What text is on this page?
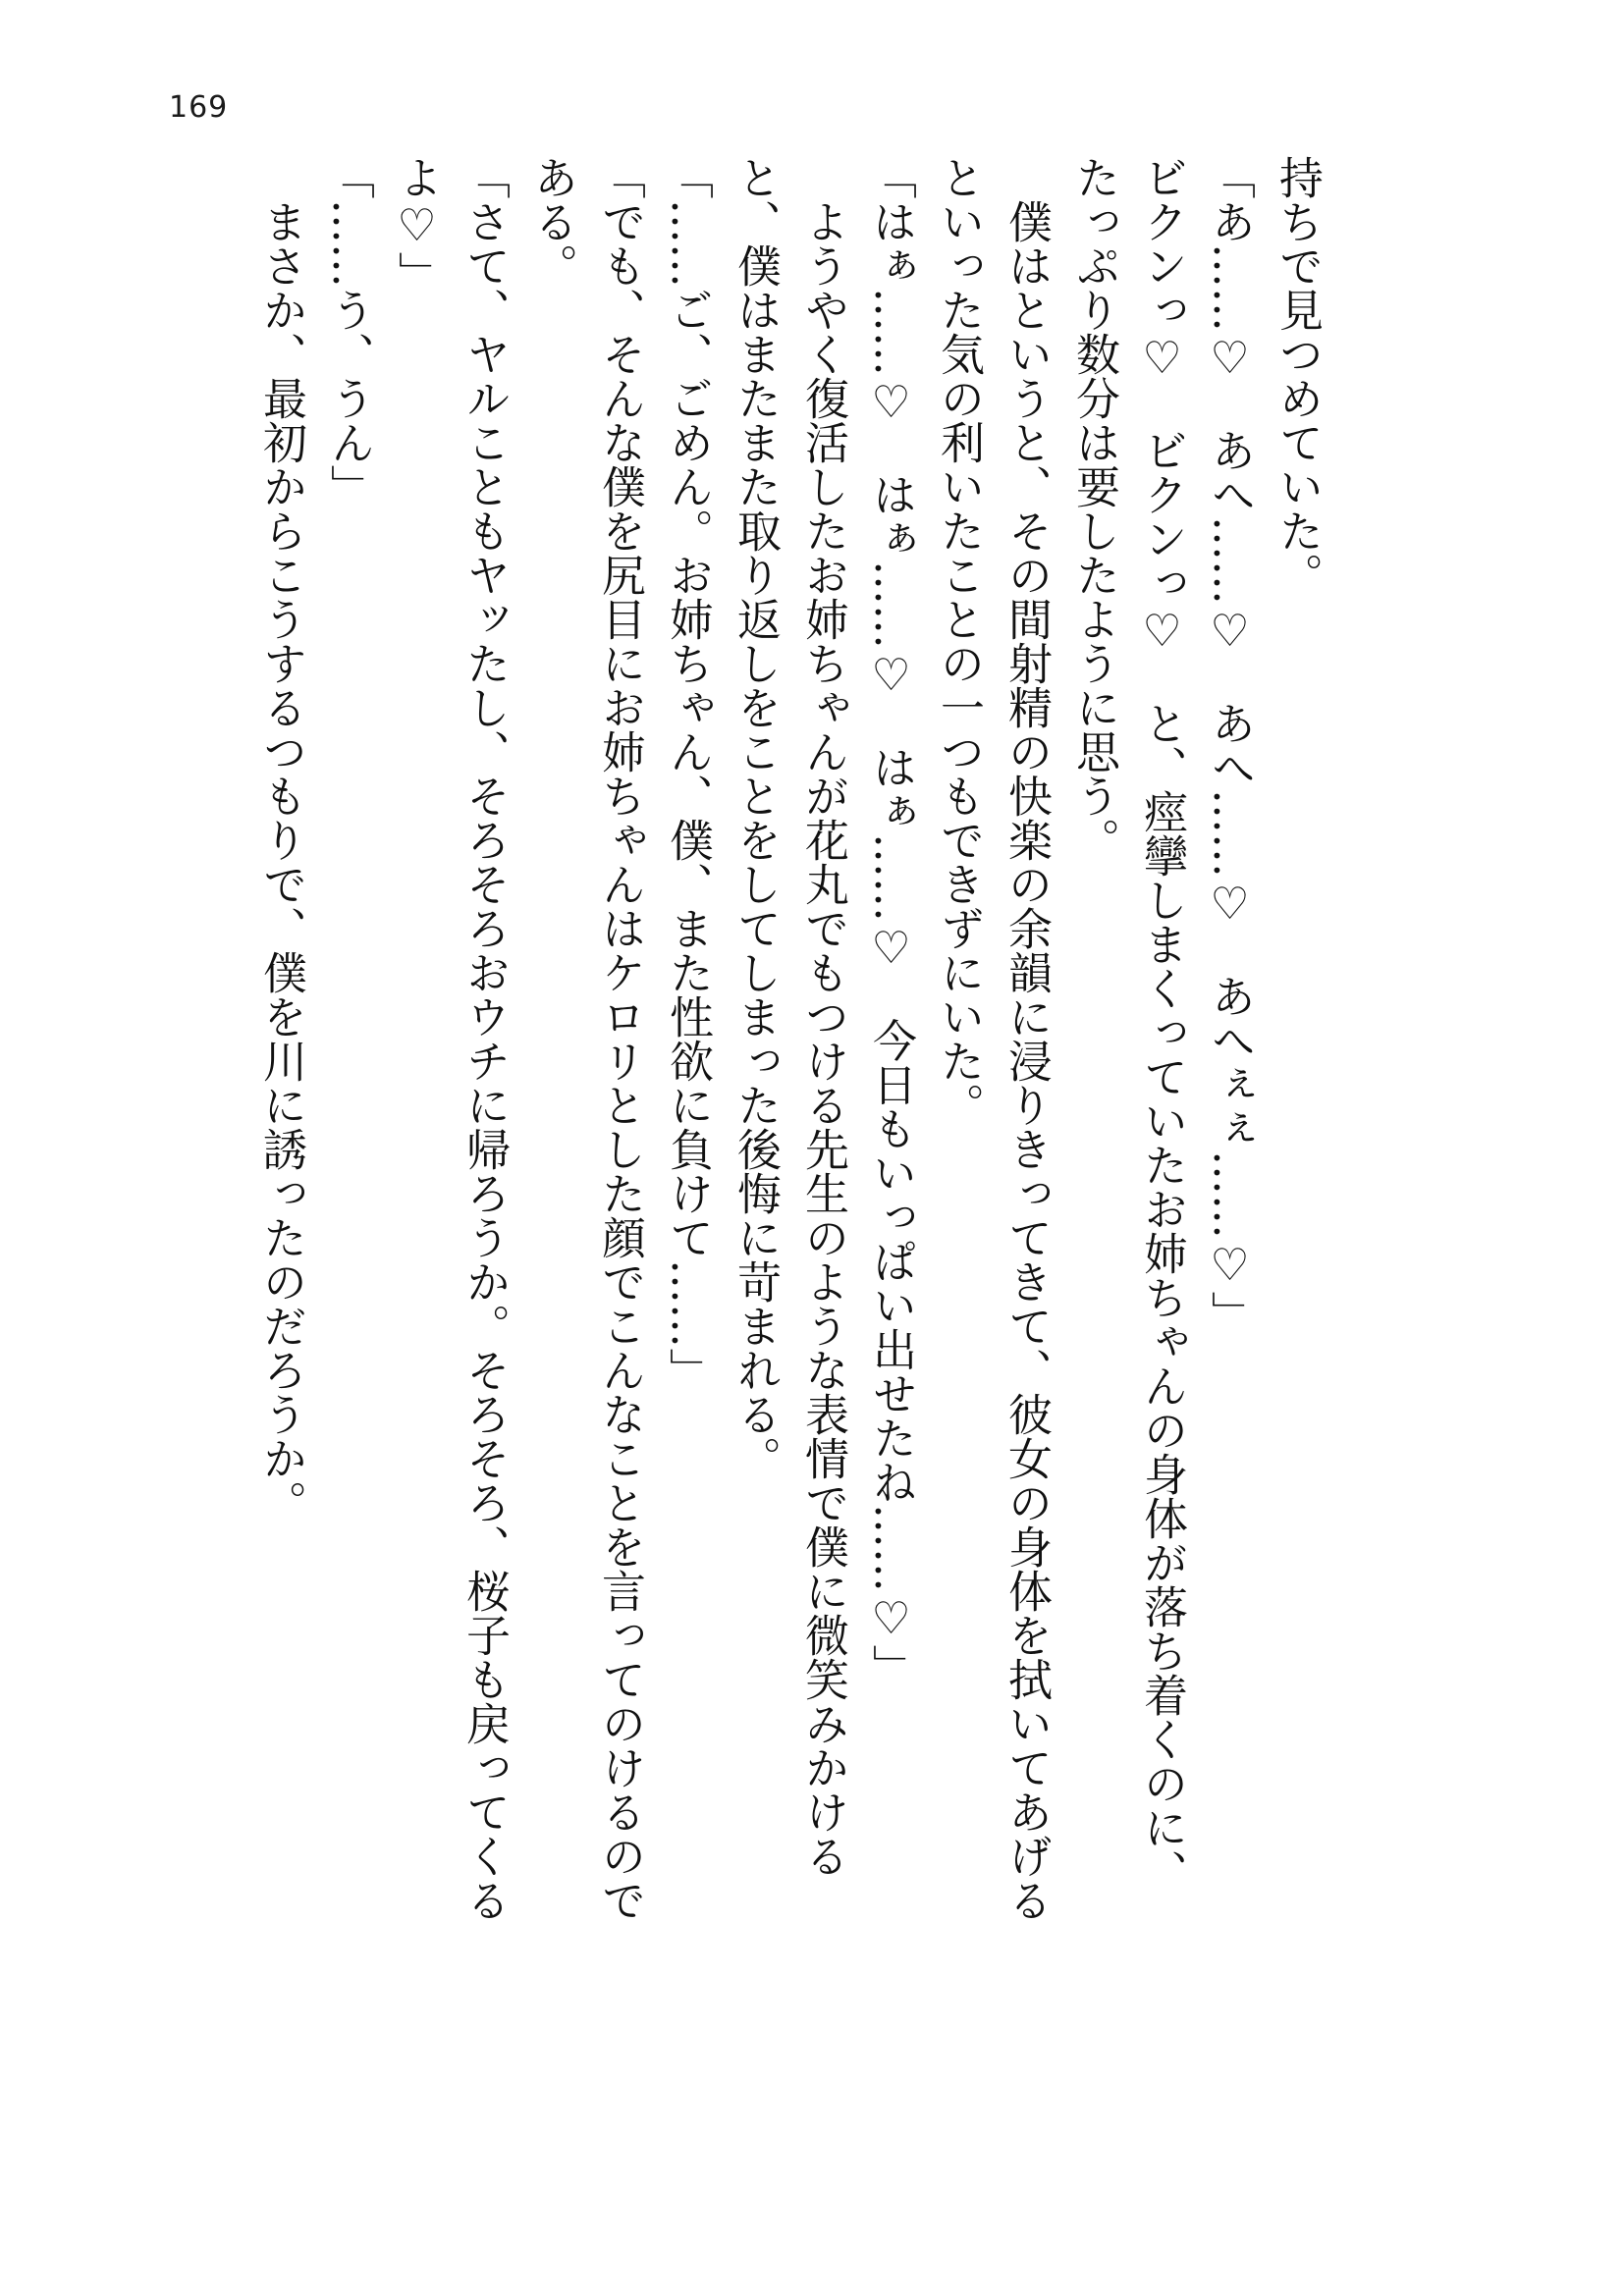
169
持ちで見つめていた。
「あ……♡　あへ……♡　あへ……♡　あへぇぇ……♡」
ビクンっ♡　ビクンっ♡　と、痙攣しまくっていたお姉ちゃんの身体が落ち着くのに、
たっぷり数分は要したように思う。
　僕はというと、その間射精の快楽の余韻に浸りきってきて、彼女の身体を拭いてあげる
といった気の利いたことの一つもできずにいた。
「はぁ……♡　はぁ……♡　はぁ……♡　今日もいっぱい出せたね……♡」
　ようやく復活したお姉ちゃんが花丸でもつける先生のような表情で僕に微笑みかける
と、僕はまたまた取り返しをことをしてしまった後悔に苛まれる。
「……ご、ごめん。お姉ちゃん、僕、また性欲に負けて……」
「でも、そんな僕を尻目にお姉ちゃんはケロリとした顔でこんなことを言ってのけるので
ある。
「さて、ヤルこともヤッたし、そろそろおウチに帰ろうか。そろそろ、桜子も戻ってくる
よ♡」
「……う、うん」
　まさか、最初からこうするつもりで、僕を川に誘ったのだろうか。
